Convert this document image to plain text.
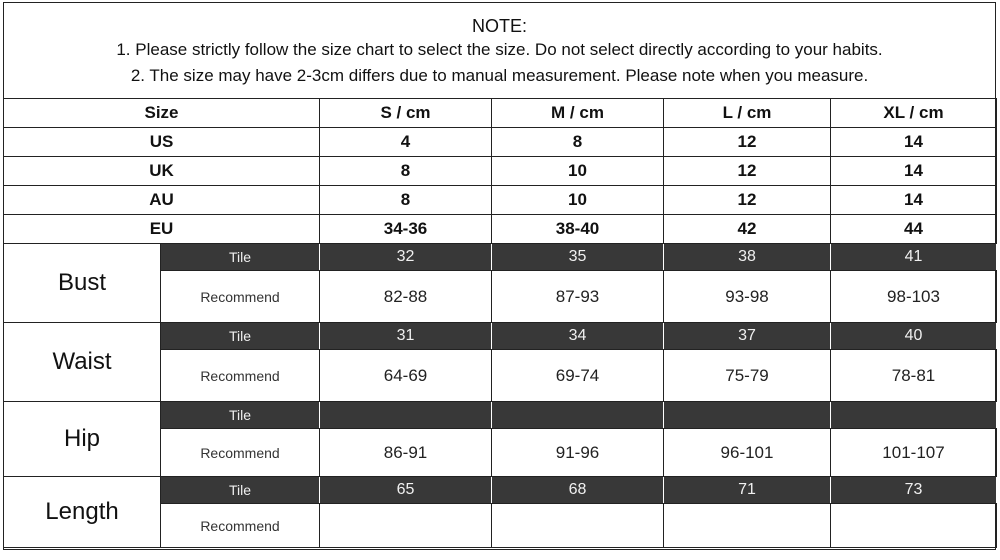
NOTE:
1. Please strictly follow the size chart to select the size. Do not select directly according to your habits.
2. The size may have 2-3cm differs due to manual measurement. Please note when you measure.
Size		S / cm	M / cm	L / cm	XL / cm
US		4	8	12	14
UK		8	10	12	14
AU		8	10	12	14
EU		34-36	38-40	42	44
Bust	Tile	32	35	38	41
	Recommend	82-88	87-93	93-98	98-103
Waist	Tile	31	34	37	40
	Recommend	64-69	69-74	75-79	78-81
Hip	Tile				
	Recommend	86-91	91-96	96-101	101-107
Length	Tile	65	68	71	73
	Recommend				
